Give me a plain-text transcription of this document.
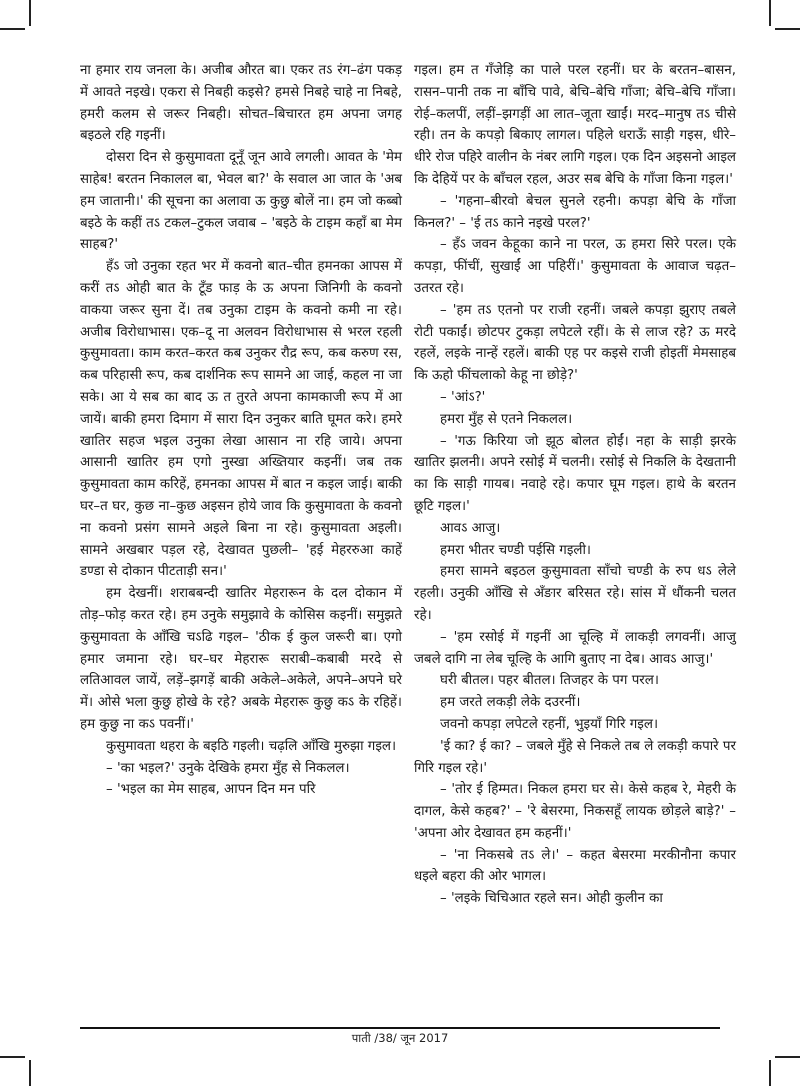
ना हमार राय जनला के। अजीब औरत बा। एकर तऽ रंग–ढंग पकड़ में आवते नइखे। एकरा से निबही कइसे? हमसे निबहे चाहे ना निबहे, हमरी कलम से जरूर निबही। सोचत–बिचारत हम अपना जगह बइठले रहि गइनीं।

दोसरा दिन से कुसुमावता दूनूँ जून आवे लगली। आवत के 'मेम साहेब! बरतन निकालल बा, भेवल बा?' के सवाल आ जात के 'अब हम जातानी।' की सूचना का अलावा ऊ कुछु बोलें ना। हम जो कब्बो बइठे के कहीं तऽ टकल–टुकल जवाब – 'बइठे के टाइम कहाँ बा मेम साहब?'

हँऽ जो उनुका रहत भर में कवनो बात–चीत हमनका आपस में करीं तऽ ओही बात के टूँड फाड़ के ऊ अपना जिनिगी के कवनो वाकया जरूर सुना दें। तब उनुका टाइम के कवनो कमी ना रहे। अजीब विरोधाभास। एक–दू ना अलवन विरोधाभास से भरल रहली कुसुमावता। काम करत–करत कब उनुकर रौद्र रूप, कब करुण रस, कब परिहासी रूप, कब दार्शनिक रूप सामने आ जाई, कहल ना जा सके। आ ये सब का बाद ऊ त तुरते अपना कामकाजी रूप में आ जायें। बाकी हमरा दिमाग में सारा दिन उनुकर बाति घूमत करे। हमरे खातिर सहज भइल उनुका लेखा आसान ना रहि जाये। अपना आसानी खातिर हम एगो नुस्खा अख्तियार कइनीं। जब तक कुसुमावता काम करिहें, हमनका आपस में बात न कइल जाई। बाकी घर–त घर, कुछ ना–कुछ अइसन होये जाव कि कुसुमावता के कवनो ना कवनो प्रसंग सामने अइले बिना ना रहे। कुसुमावता अइली। सामने अखबार पड़ल रहे, देखावत पुछली– 'हई मेहररुआ काहें डण्डा से दोकान पीटताड़ी सन।'

हम देखनीं। शराबबन्दी खातिर मेहरारून के दल दोकान में तोड़–फोड़ करत रहे। हम उनुके समुझावे के कोसिस कइनीं। समुझते कुसुमावता के आँखि चऽढि गइल– 'ठीक ई कुल जरूरी बा। एगो हमार जमाना रहे। घर–घर मेहरारू सराबी–कबाबी मरदे से लतिआवल जायें, लड़ें–झगड़ें बाकी अकेले–अकेले, अपने–अपने घरे में। ओसे भला कुछु होखे के रहे? अबके मेहरारू कुछु कऽ के रहिहें। हम कुछु ना कऽ पवनीं।'

कुसुमावता थहरा के बइठि गइली। चढ़लि आँखि मुरुझा गइल।

– 'का भइल?' उनुके देखिके हमरा मुँह से निकलल।

– 'भइल का मेम साहब, आपन दिन मन परि

गइल। हम त गँजेड़ि का पाले परल रहनीं। घर के बरतन–बासन, रासन–पानी तक ना बाँचि पावे, बेचि–बेचि गाँजा; बेचि–बेचि गाँजा। रोई–कलपीं, लड़ीं–झगड़ीं आ लात–जूता खाईं। मरद–मानुष तऽ चीसे रही। तन के कपड़ो बिकाए लागल। पहिले धराऊँ साड़ी गइस, धीरे–धीरे रोज पहिरे वालीन के नंबर लागि गइल। एक दिन अइसनो आइल कि देहियें पर के बाँचल रहल, अउर सब बेचि के गाँजा किना गइल।'

– 'गहना–बीरवो बेचल सुनले रहनी। कपड़ा बेचि के गाँजा किनल?' – 'ई तऽ काने नइखे परल?'

– हँऽ जवन केहूका काने ना परल, ऊ हमरा सिरे परल। एके कपड़ा, फींचीं, सुखाईं आ पहिरीं।' कुसुमावता के आवाज चढ़त–उतरत रहे।

– 'हम तऽ एतनो पर राजी रहनीं। जबले कपड़ा झुराए तबले रोटी पकाईं। छोटपर टुकड़ा लपेटले रहीं। के से लाज रहे? ऊ मरदे रहलें, लइके नान्हें रहलें। बाकी एह पर कइसे राजी होइतीं मेमसाहब कि ऊहो फींचलाको केहू ना छोड़े?'

– 'आंऽ?'

हमरा मुँह से एतने निकलल।

– 'गऊ किरिया जो झूठ बोलत होईं। नहा के साड़ी झरके खातिर झलनी। अपने रसोई में चलनी। रसोई से निकलि के देखतानी का कि साड़ी गायब। नवाहे रहे। कपार घूम गइल। हाथे के बरतन छूटि गइल।'

आवऽ आजु।

हमरा भीतर चण्डी पईसि गइली।

हमरा सामने बइठल कुसुमावता साँचो चण्डी के रुप धऽ लेले रहली। उनुकी आँखि से अँङार बरिसत रहे। सांस में धौंकनी चलत रहे।

– 'हम रसोई में गइनीं आ चूल्हि में लाकड़ी लगवनीं। आजु जबले दागि ना लेब चूल्हि के आगि बुताए ना देब। आवऽ आजु।'

घरी बीतल। पहर बीतल। तिजहर के पग परल।

हम जरते लकड़ी लेके दउरनीं।

जवनो कपड़ा लपेटले रहनीं, भुइयाँ गिरि गइल।

'ई का? ई का? – जबले मुँहे से निकले तब ले लकड़ी कपारे पर गिरि गइल रहे।'

– 'तोर ई हिम्मत। निकल हमरा घर से। केसे कहब रे, मेहरी के दागल, केसे कहब?' – 'रे बेसरमा, निकसहूँ लायक छोड़ले बाड़े?' – 'अपना ओर देखावत हम कहनीं।'

– 'ना निकसबे तऽ ले।' – कहत बेसरमा मरकीनौना कपार धइले बहरा की ओर भागल।

– 'लइके चिचिआत रहले सन। ओही कुलीन का

पाती /38/ जून 2017
